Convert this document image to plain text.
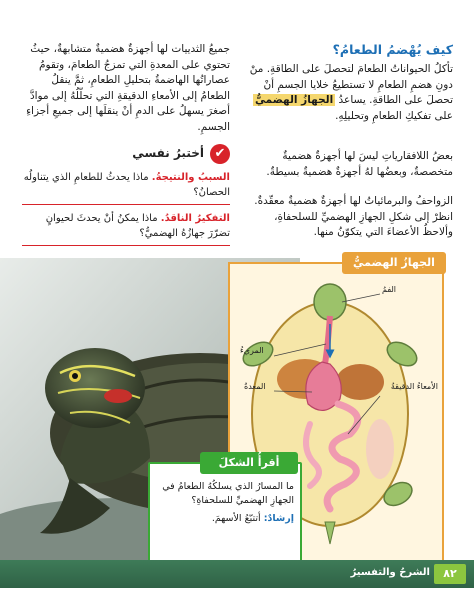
كيف يُهْضمُ الطعامُ؟
تأكلُ الحيواناتُ الطعامَ لتحصلَ على الطاقةِ. منْ دونِ هضمِ الطعامِ لا تستطيعُ خلايا الجسمِ أنْ تحصلَ على الطاقةِ. يساعدُ الجهازُ الهضميُّ على تفكيكِ الطعامِ وتحليلِهِ.
بعضُ اللافقارياتِ ليسَ لها أجهزةٌ هضميةٌ متخصصةٌ، وبعضُها لهُ أجهزةٌ هضميةٌ بسيطةٌ.
الزواحفُ والبرمائياتُ لها أجهزةٌ هضميةٌ معقّدةٌ. انظرْ إلى شكلِ الجهازِ الهضميِّ للسلحفاةِ، وألاحظُ الأعضاءَ التي يتكوّنُ منها.
جميعُ الثدييات لها أجهزةٌ هضميةٌ متشابهةٌ، حيثُ تحتوي على المعدةِ التي تمزجُ الطعامَ، وتقومُ عصاراتُها الهاضمةُ بتحليلِ الطعامِ، ثمَّ ينقلُ الطعامُ إلى الأمعاءِ الدقيقةِ التي تحلّلُهُ إلى موادَّ أصغرَ يسهلُ على الدمِ أنْ ينقلَها إلى جميعِ أجزاءِ الجسمِ.
✔
أختبرُ نفسي
السببُ والنتيجةُ. ماذا يحدثُ للطعامِ الذي يتناولُه الحصانُ؟
التفكيرُ الناقدُ. ماذا يمكنُ أنْ يحدثَ لحيوانٍ تضرّرَ جهازُهُ الهضميُّ؟
الفمُ
المريءُ
المعدةُ	الأمعاءُ الدقيقةُ
الجهازُ الهضميُّ
أقرأُ الشكلَ
ما المسارُ الذي يسلكُهُ الطعامُ في الجهازِ الهضميِّ للسلحفاةِ؟
إرشادٌ: أتتبّعُ الأسهمَ.
الشرحُ والتفسيرُ	٨٢
